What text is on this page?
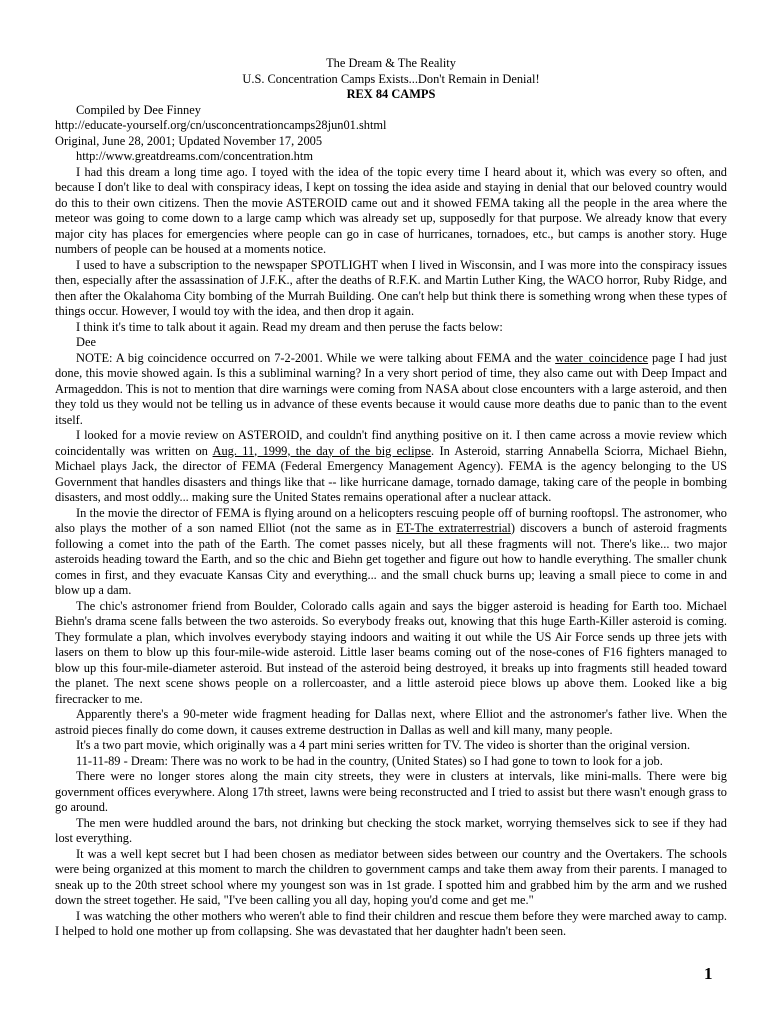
The Dream & The Reality
U.S. Concentration Camps Exists...Don't Remain in Denial!
REX 84 CAMPS
Compiled by Dee Finney
http://educate-yourself.org/cn/usconcentrationcamps28jun01.shtml
Original, June 28, 2001; Updated November 17, 2005
http://www.greatdreams.com/concentration.htm

I had this dream a long time ago. I toyed with the idea of the topic every time I heard about it, which was every so often, and because I don't like to deal with conspiracy ideas, I kept on tossing the idea aside and staying in denial that our beloved country would do this to their own citizens. Then the movie ASTEROID came out and it showed FEMA taking all the people in the area where the meteor was going to come down to a large camp which was already set up, supposedly for that purpose. We already know that every major city has places for emergencies where people can go in case of hurricanes, tornadoes, etc., but camps is another story. Huge numbers of people can be housed at a moments notice.

I used to have a subscription to the newspaper SPOTLIGHT when I lived in Wisconsin, and I was more into the conspiracy issues then, especially after the assassination of J.F.K., after the deaths of R.F.K. and Martin Luther King, the WACO horror, Ruby Ridge, and then after the Okalahoma City bombing of the Murrah Building. One can't help but think there is something wrong when these types of things occur. However, I would toy with the idea, and then drop it again.

I think it's time to talk about it again. Read my dream and then peruse the facts below:

Dee

NOTE: A big coincidence occurred on 7-2-2001. While we were talking about FEMA and the water_coincidence page I had just done, this movie showed again. Is this a subliminal warning? In a very short period of time, they also came out with Deep Impact and Armageddon. This is not to mention that dire warnings were coming from NASA about close encounters with a large asteroid, and then they told us they would not be telling us in advance of these events because it would cause more deaths due to panic than to the event itself.

I looked for a movie review on ASTEROID, and couldn't find anything positive on it. I then came across a movie review which coincidentally was written on Aug. 11, 1999, the day of the big eclipse. In Asteroid, starring Annabella Sciorra, Michael Biehn, Michael plays Jack, the director of FEMA (Federal Emergency Management Agency). FEMA is the agency belonging to the US Government that handles disasters and things like that -- like hurricane damage, tornado damage, taking care of the people in bombing disasters, and most oddly... making sure the United States remains operational after a nuclear attack.

In the movie the director of FEMA is flying around on a helicopters rescuing people off of burning rooftopsl. The astronomer, who also plays the mother of a son named Elliot (not the same as in ET-The extraterrestrial) discovers a bunch of asteroid fragments following a comet into the path of the Earth. The comet passes nicely, but all these fragments will not. There's like... two major asteroids heading toward the Earth, and so the chic and Biehn get together and figure out how to handle everything. The smaller chunk comes in first, and they evacuate Kansas City and everything... and the small chuck burns up; leaving a small piece to come in and blow up a dam.

The chic's astronomer friend from Boulder, Colorado calls again and says the bigger asteroid is heading for Earth too. Michael Biehn's drama scene falls between the two asteroids. So everybody freaks out, knowing that this huge Earth-Killer asteroid is coming. They formulate a plan, which involves everybody staying indoors and waiting it out while the US Air Force sends up three jets with lasers on them to blow up this four-mile-wide asteroid. Little laser beams coming out of the nose-cones of F16 fighters managed to blow up this four-mile-diameter asteroid. But instead of the asteroid being destroyed, it breaks up into fragments still headed toward the planet. The next scene shows people on a rollercoaster, and a little asteroid piece blows up above them. Looked like a big firecracker to me.

Apparently there's a 90-meter wide fragment heading for Dallas next, where Elliot and the astronomer's father live. When the astroid pieces finally do come down, it causes extreme destruction in Dallas as well and kill many, many people.

It's a two part movie, which originally was a 4 part mini series written for TV. The video is shorter than the original version.

11-11-89 - Dream: There was no work to be had in the country, (United States) so I had gone to town to look for a job.

There were no longer stores along the main city streets, they were in clusters at intervals, like mini-malls. There were big government offices everywhere. Along 17th street, lawns were being reconstructed and I tried to assist but there wasn't enough grass to go around.

The men were huddled around the bars, not drinking but checking the stock market, worrying themselves sick to see if they had lost everything.

It was a well kept secret but I had been chosen as mediator between sides between our country and the Overtakers. The schools were being organized at this moment to march the children to government camps and take them away from their parents. I managed to sneak up to the 20th street school where my youngest son was in 1st grade. I spotted him and grabbed him by the arm and we rushed down the street together. He said, "I've been calling you all day, hoping you'd come and get me."

I was watching the other mothers who weren't able to find their children and rescue them before they were marched away to camp. I helped to hold one mother up from collapsing. She was devastated that her daughter hadn't been seen.

1
